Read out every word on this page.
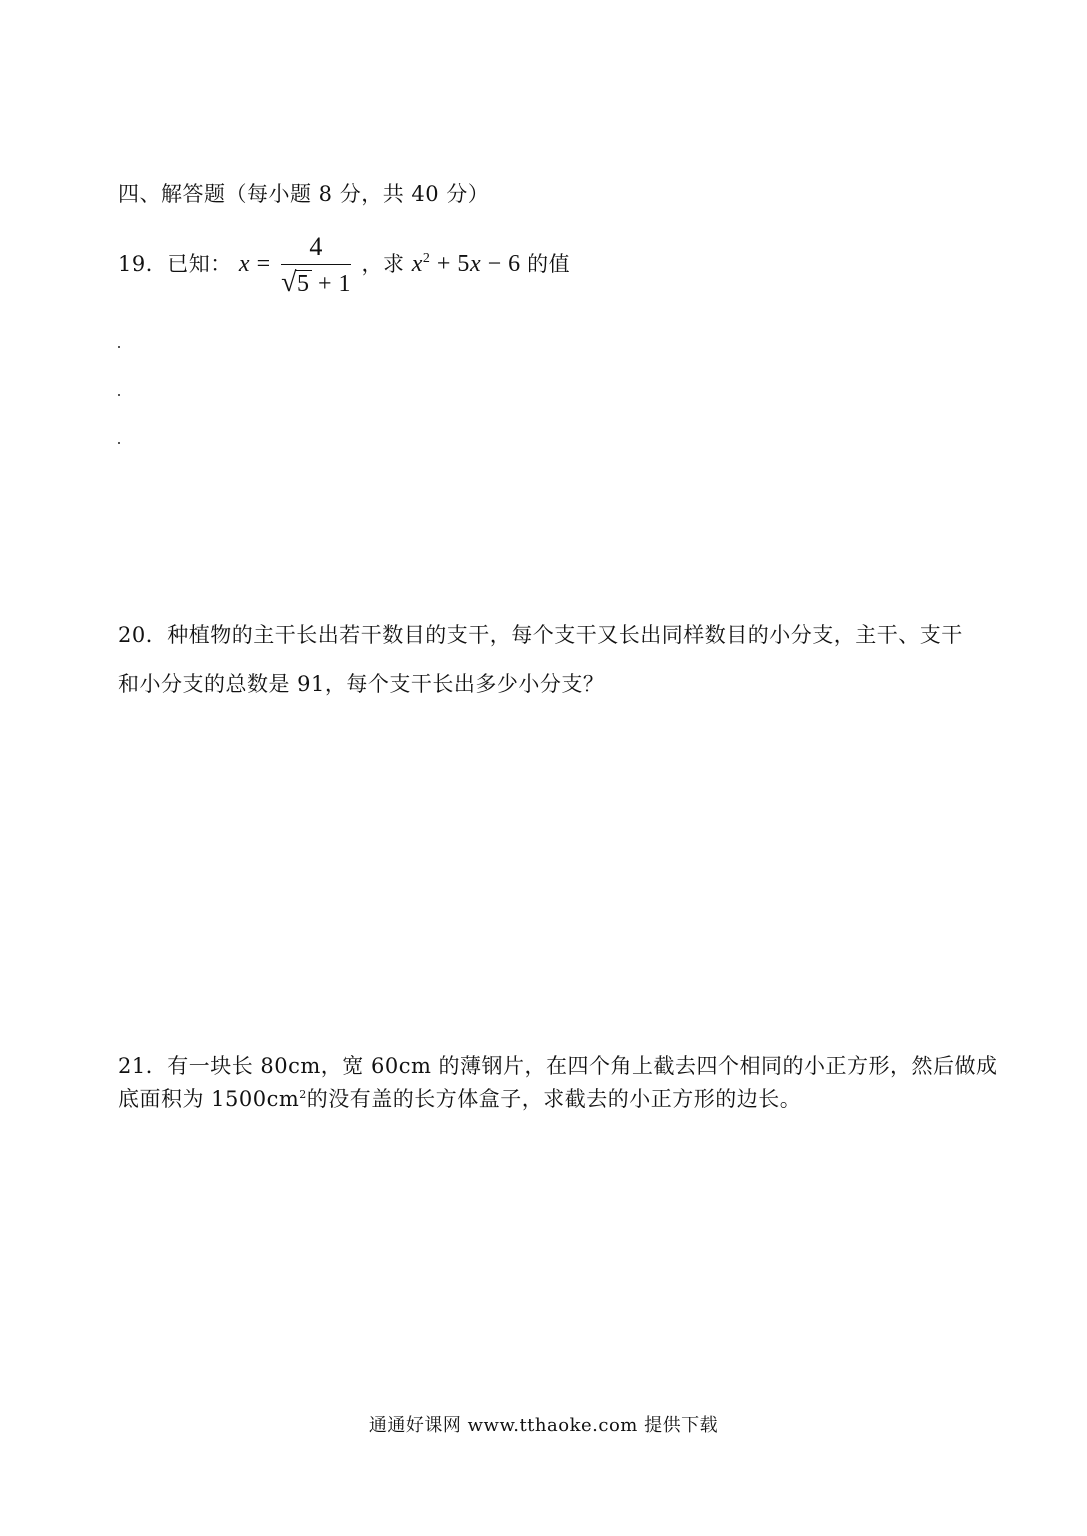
四、解答题（每小题 8 分，共 40 分）
19．已知： $x = \frac{4}{√5 + 1}$ ，求 $x^2 + 5x - 6$ 的值
20．种植物的主干长出若干数目的支干，每个支干又长出同样数目的小分支，主干、支干
和小分支的总数是 91，每个支干长出多少小分支？
21．有一块长 80cm，宽 60cm 的薄钢片，在四个角上截去四个相同的小正方形，然后做成
底面积为 $1500cm^2$的没有盖的长方体盒子，求截去的小正方形的边长。
通通好课网 www.tthaoke.com 提供下载
